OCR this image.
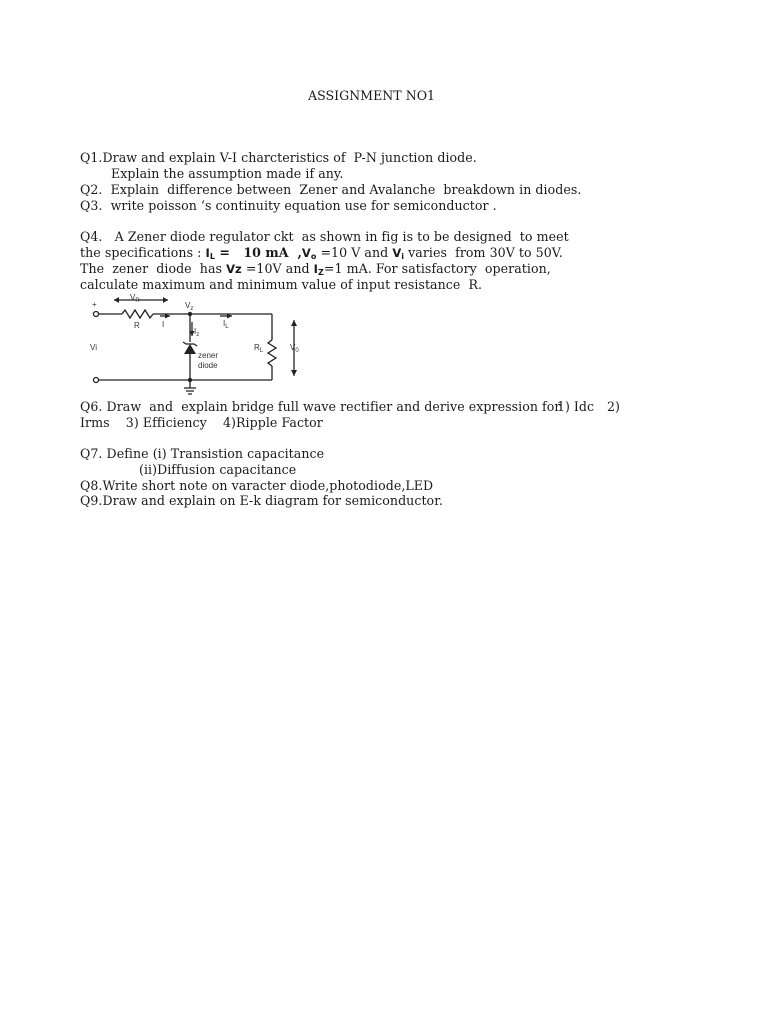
ASSIGNMENT NO1
Q1.Draw and explain V-I charcteristics of  P-N junction diode.
Explain the assumption made if any.
Q2.  Explain  difference between  Zener and Avalanche  breakdown in diodes.
Q3.  write poisson ‘s continuity equation use for semiconductor .
Q4.   A Zener diode regulator ckt  as shown in fig is to be designed  to meet
the specifications : $I_L = 10$ mA  $,V_o =10$ V and $V_i$ varies  from 30V to 50V.
The  zener  diode  has Vz =10V and $I_Z=1$ mA. For satisfactory  operation,
calculate maximum and minimum value of input resistance  R.
+
$V_R$	$V_z$
R	I	$I_L$
$I_z$
Vi	$R_L$	$V_0$
zener
diode
Q6. Draw  and  explain bridge full wave rectifier and derive expression for
1) Idc 2)
Irms    3) Efficiency    4)Ripple Factor
Q7. Define (i) Transistion capacitance
(ii)Diffusion capacitance
Q8.Write short note on varacter diode,photodiode,LED
Q9.Draw and explain on E-k diagram for semiconductor.
